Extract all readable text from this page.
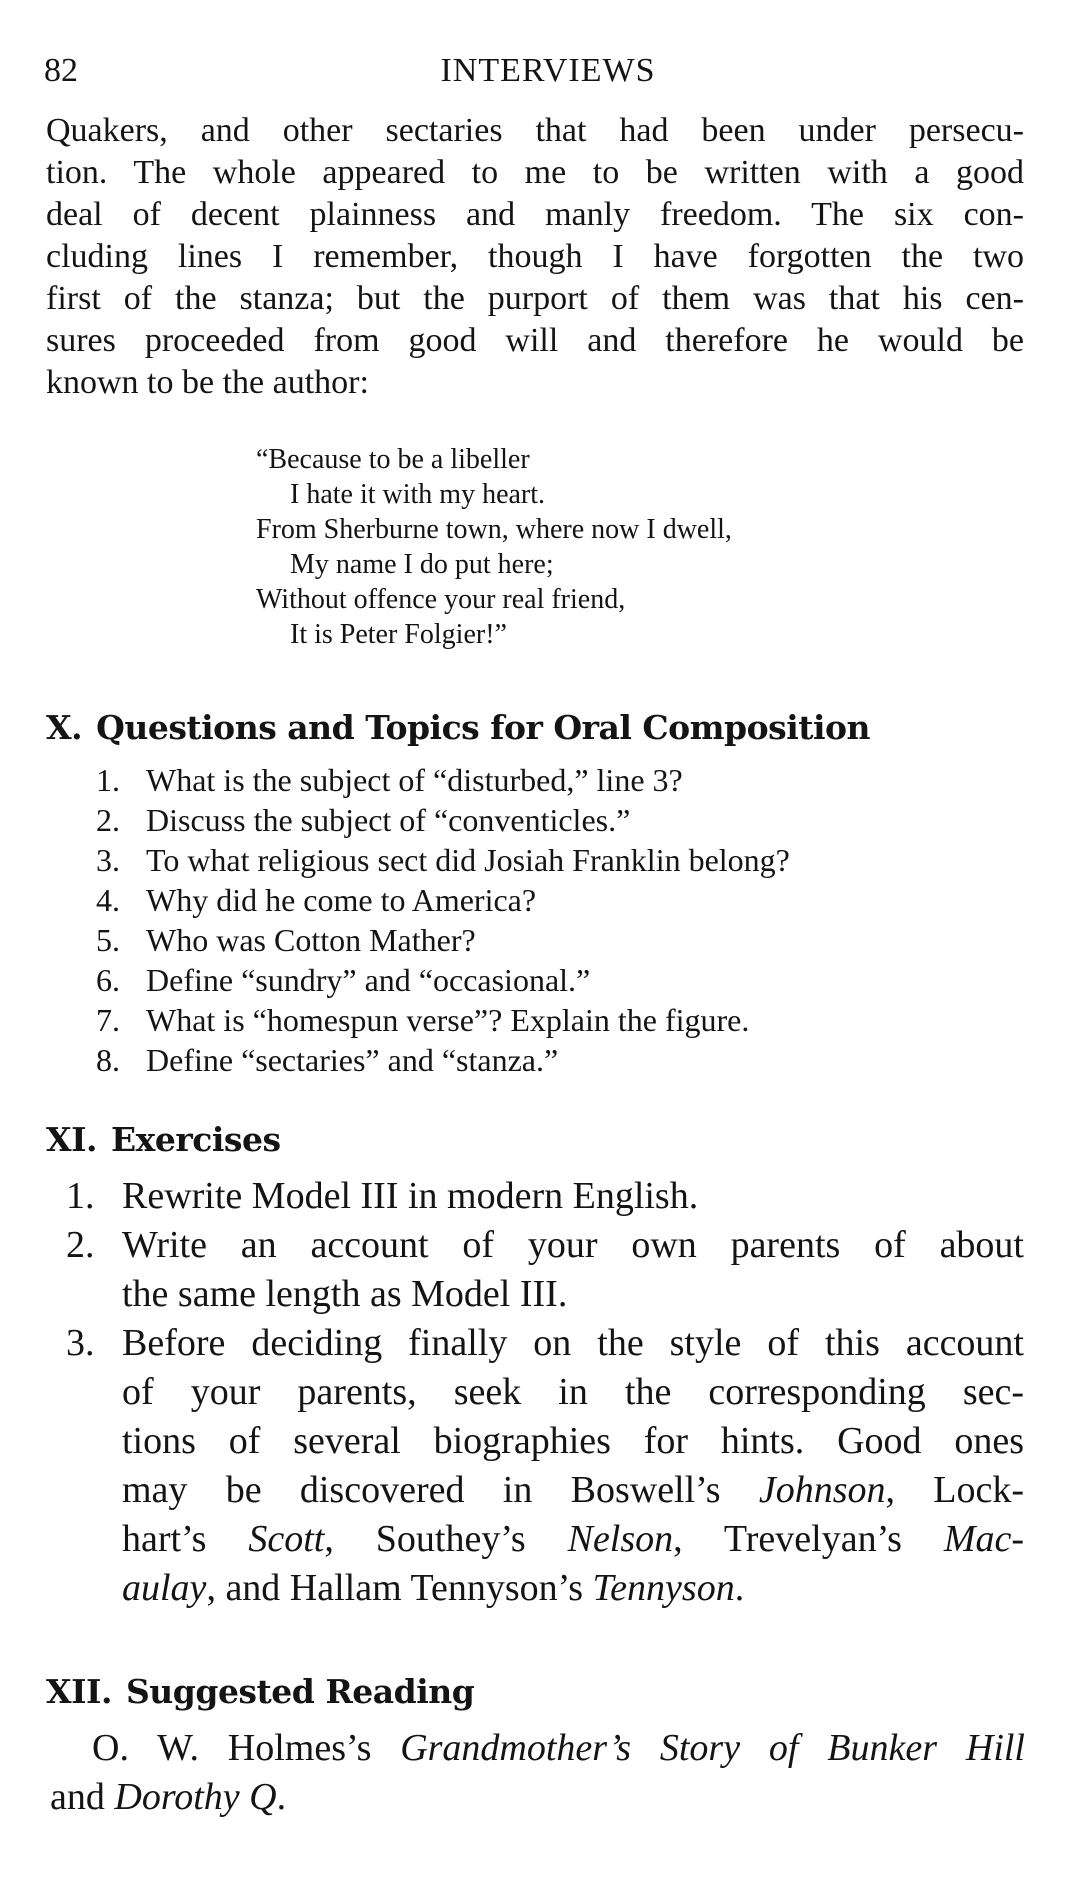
82	INTERVIEWS
Quakers, and other sectaries that had been under persecu-
tion. The whole appeared to me to be written with a good
deal of decent plainness and manly freedom. The six con-
cluding lines I remember, though I have forgotten the two
first of the stanza; but the purport of them was that his cen-
sures proceeded from good will and therefore he would be
known to be the author:
“Because to be a libeller
I hate it with my heart.
From Sherburne town, where now I dwell,
My name I do put here;
Without offence your real friend,
It is Peter Folgier!”
X. Questions and Topics for Oral Composition
1. What is the subject of “disturbed,” line 3?
2. Discuss the subject of “conventicles.”
3. To what religious sect did Josiah Franklin belong?
4. Why did he come to America?
5. Who was Cotton Mather?
6. Define “sundry” and “occasional.”
7. What is “homespun verse”? Explain the figure.
8. Define “sectaries” and “stanza.”
XI. Exercises
1. Rewrite Model III in modern English.
2. Write an account of your own parents of about
the same length as Model III.
3. Before deciding finally on the style of this account
of your parents, seek in the corresponding sec-
tions of several biographies for hints. Good ones
may be discovered in Boswell’s Johnson, Lock-
hart’s Scott, Southey’s Nelson, Trevelyan’s Mac-
aulay, and Hallam Tennyson’s Tennyson.
XII. Suggested Reading
O. W. Holmes’s Grandmother’s Story of Bunker Hill
and Dorothy Q.
